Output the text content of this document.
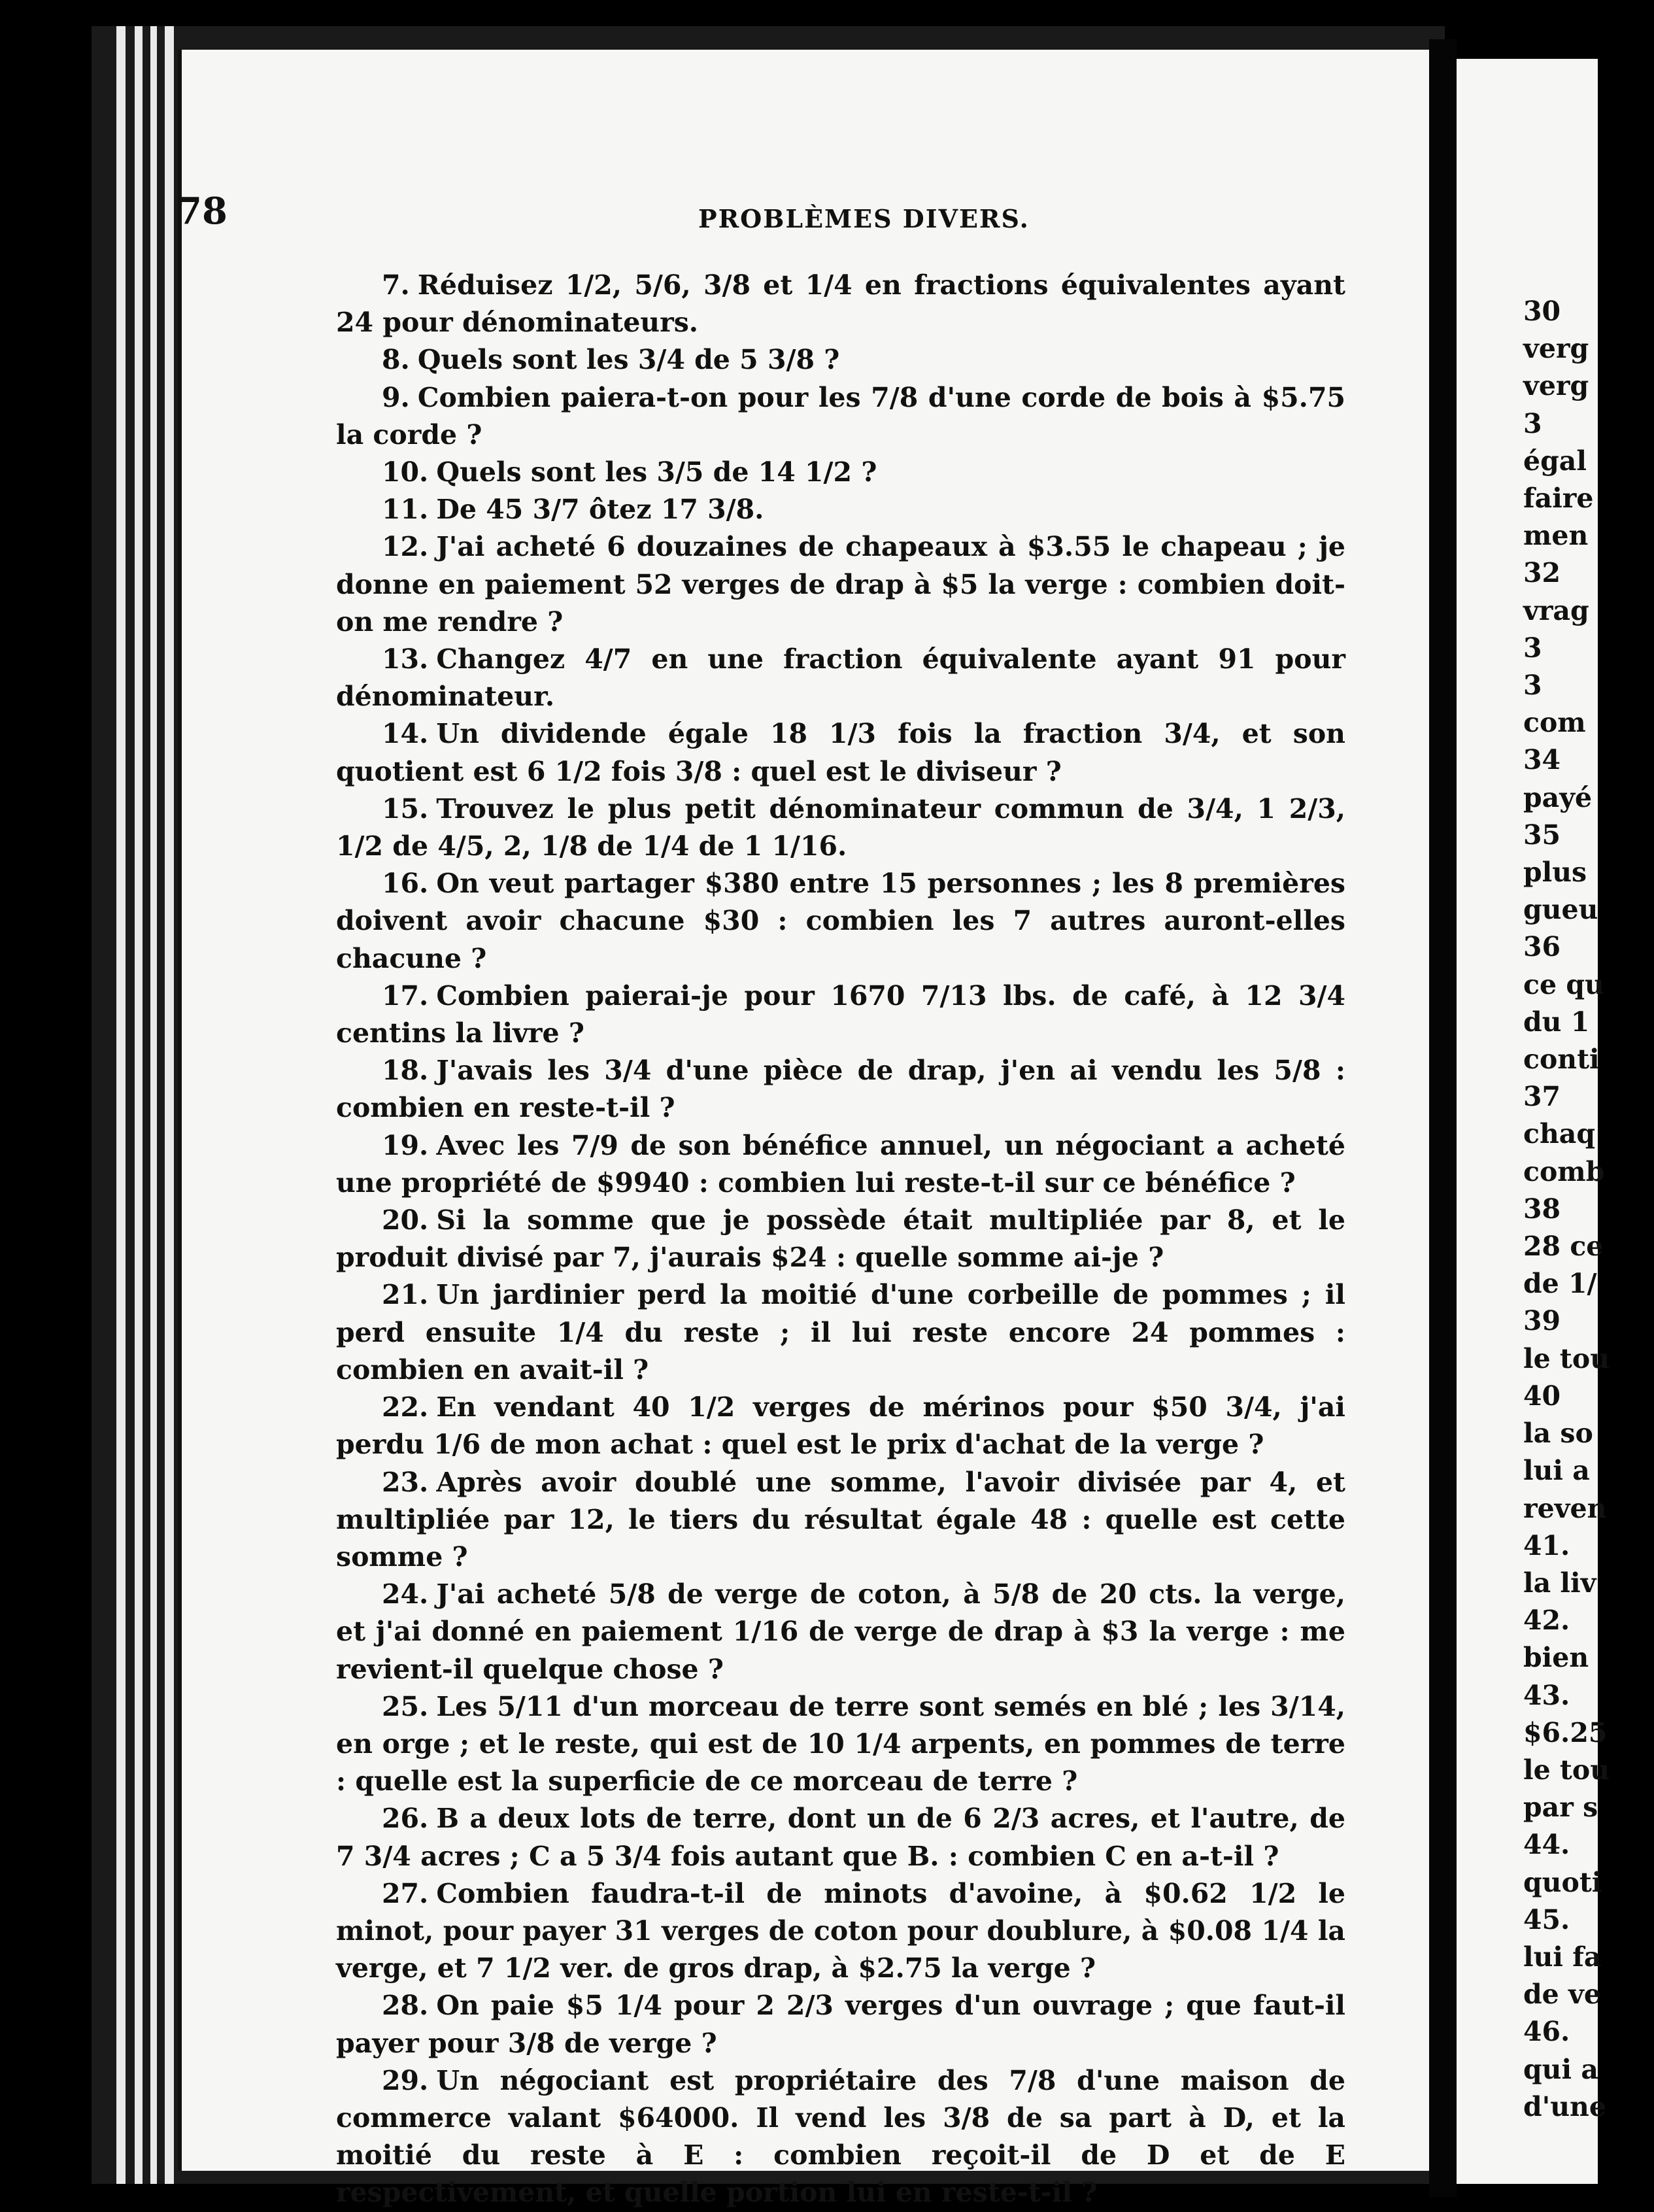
78	PROBLÈMES DIVERS.

7. Réduisez 1/2, 5/6, 3/8 et 1/4 en fractions équivalentes ayant 24 pour dénominateurs.

8. Quels sont les 3/4 de 5 3/8 ?

9. Combien paiera-t-on pour les 7/8 d'une corde de bois à $5.75 la corde ?

10. Quels sont les 3/5 de 14 1/2 ?

11. De 45 3/7 ôtez 17 3/8.

12. J'ai acheté 6 douzaines de chapeaux à $3.55 le chapeau ; je donne en paiement 52 verges de drap à $5 la verge : combien doit-on me rendre ?

13. Changez 4/7 en une fraction équivalente ayant 91 pour dénominateur.

14. Un dividende égale 18 1/3 fois la fraction 3/4, et son quotient est 6 1/2 fois 3/8 : quel est le diviseur ?

15. Trouvez le plus petit dénominateur commun de 3/4, 1 2/3, 1/2 de 4/5, 2, 1/8 de 1/4 de 1 1/16.

16. On veut partager $380 entre 15 personnes ; les 8 premières doivent avoir chacune $30 : combien les 7 autres auront-elles chacune ?

17. Combien paierai-je pour 1670 7/13 lbs. de café, à 12 3/4 centins la livre ?

18. J'avais les 3/4 d'une pièce de drap, j'en ai vendu les 5/8 : combien en reste-t-il ?

19. Avec les 7/9 de son bénéfice annuel, un négociant a acheté une propriété de $9940 : combien lui reste-t-il sur ce bénéfice ?

20. Si la somme que je possède était multipliée par 8, et le produit divisé par 7, j'aurais $24 : quelle somme ai-je ?

21. Un jardinier perd la moitié d'une corbeille de pommes ; il perd ensuite 1/4 du reste ; il lui reste encore 24 pommes : combien en avait-il ?

22. En vendant 40 1/2 verges de mérinos pour $50 3/4, j'ai perdu 1/6 de mon achat : quel est le prix d'achat de la verge ?

23. Après avoir doublé une somme, l'avoir divisée par 4, et multipliée par 12, le tiers du résultat égale 48 : quelle est cette somme ?

24. J'ai acheté 5/8 de verge de coton, à 5/8 de 20 cts. la verge, et j'ai donné en paiement 1/16 de verge de drap à $3 la verge : me revient-il quelque chose ?

25. Les 5/11 d'un morceau de terre sont semés en blé ; les 3/14, en orge ; et le reste, qui est de 10 1/4 arpents, en pommes de terre : quelle est la superficie de ce morceau de terre ?

26. B a deux lots de terre, dont un de 6 2/3 acres, et l'autre, de 7 3/4 acres ; C a 5 3/4 fois autant que B. : combien C en a-t-il ?

27. Combien faudra-t-il de minots d'avoine, à $0.62 1/2 le minot, pour payer 31 verges de coton pour doublure, à $0.08 1/4 la verge, et 7 1/2 ver. de gros drap, à $2.75 la verge ?

28. On paie $5 1/4 pour 2 2/3 verges d'un ouvrage ; que faut-il payer pour 3/8 de verge ?

29. Un négociant est propriétaire des 7/8 d'une maison de commerce valant $64000. Il vend les 3/8 de sa part à D, et la moitié du reste à E : combien reçoit-il de D et de E respectivement, et quelle portion lui en reste-t-il ?

30

verg

verg

3

égal

faire

men

32

vrag

3

3

com

34

payé

35

plus

gueu

36

ce qu

du 1

conti

37

chaq

comb

38

28 ce

de 1/

39

le tou

40

la so

lui a

reven

41.

la liv

42.

bien

43.

$6.25

le tou

par s

44.

quoti

45.

lui fa

de ve

46.

qui a

d'une
